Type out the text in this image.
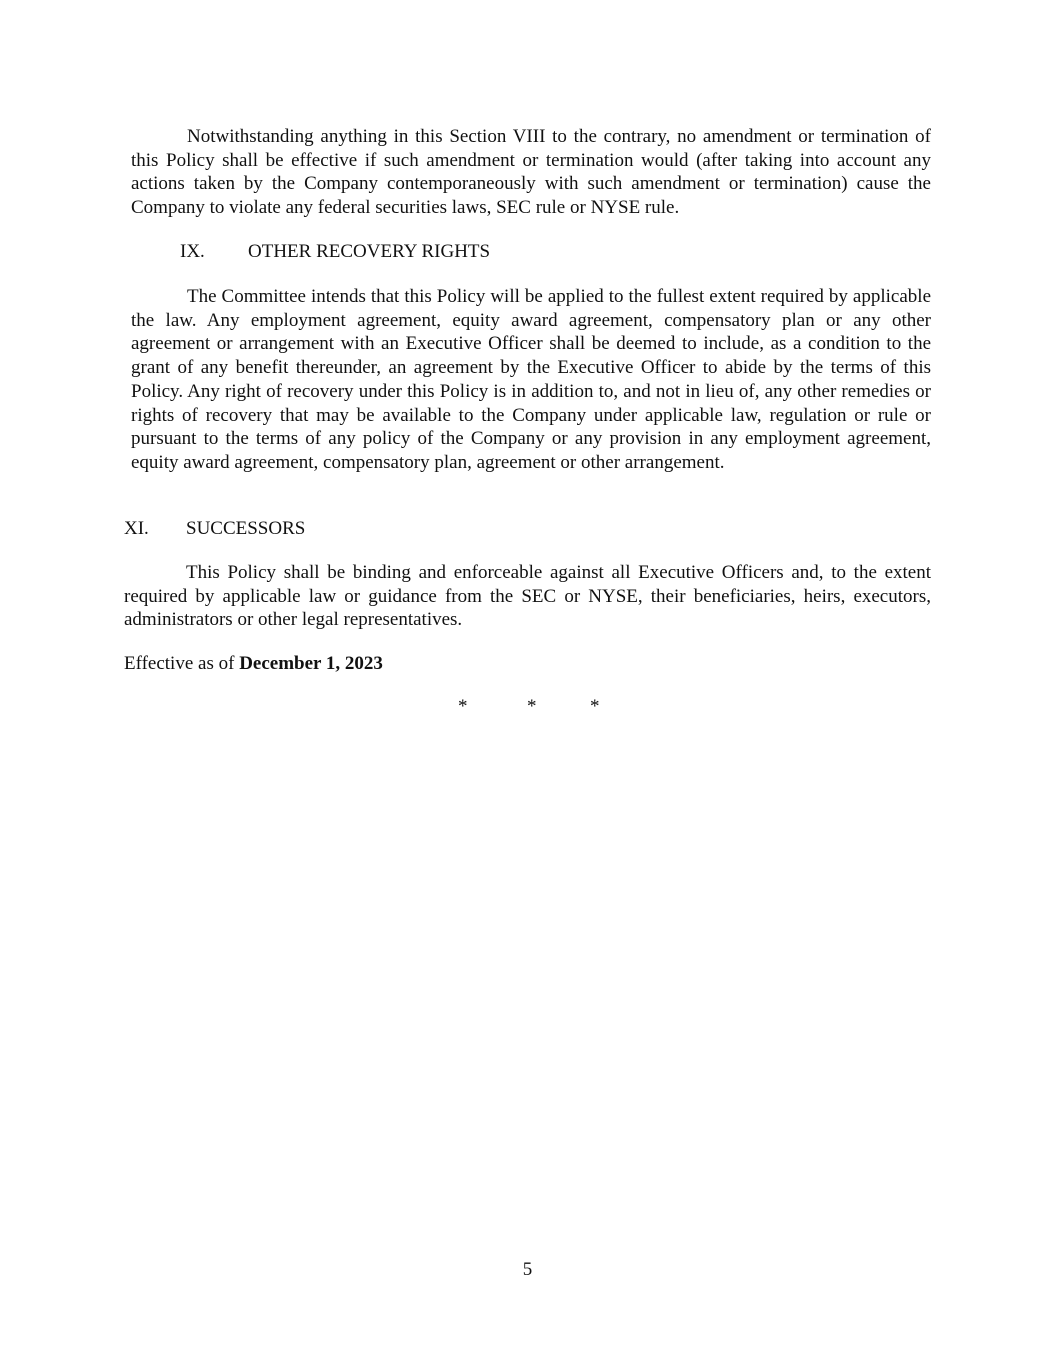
Notwithstanding anything in this Section VIII to the contrary, no amendment or termination of this Policy shall be effective if such amendment or termination would (after taking into account any actions taken by the Company contemporaneously with such amendment or termination) cause the Company to violate any federal securities laws, SEC rule or NYSE rule.

IX. OTHER RECOVERY RIGHTS

The Committee intends that this Policy will be applied to the fullest extent required by applicable the law. Any employment agreement, equity award agreement, compensatory plan or any other agreement or arrangement with an Executive Officer shall be deemed to include, as a condition to the grant of any benefit thereunder, an agreement by the Executive Officer to abide by the terms of this Policy. Any right of recovery under this Policy is in addition to, and not in lieu of, any other remedies or rights of recovery that may be available to the Company under applicable law, regulation or rule or pursuant to the terms of any policy of the Company or any provision in any employment agreement, equity award agreement, compensatory plan, agreement or other arrangement.

XI. SUCCESSORS

This Policy shall be binding and enforceable against all Executive Officers and, to the extent required by applicable law or guidance from the SEC or NYSE, their beneficiaries, heirs, executors, administrators or other legal representatives.

Effective as of December 1, 2023
*	*	*
5
